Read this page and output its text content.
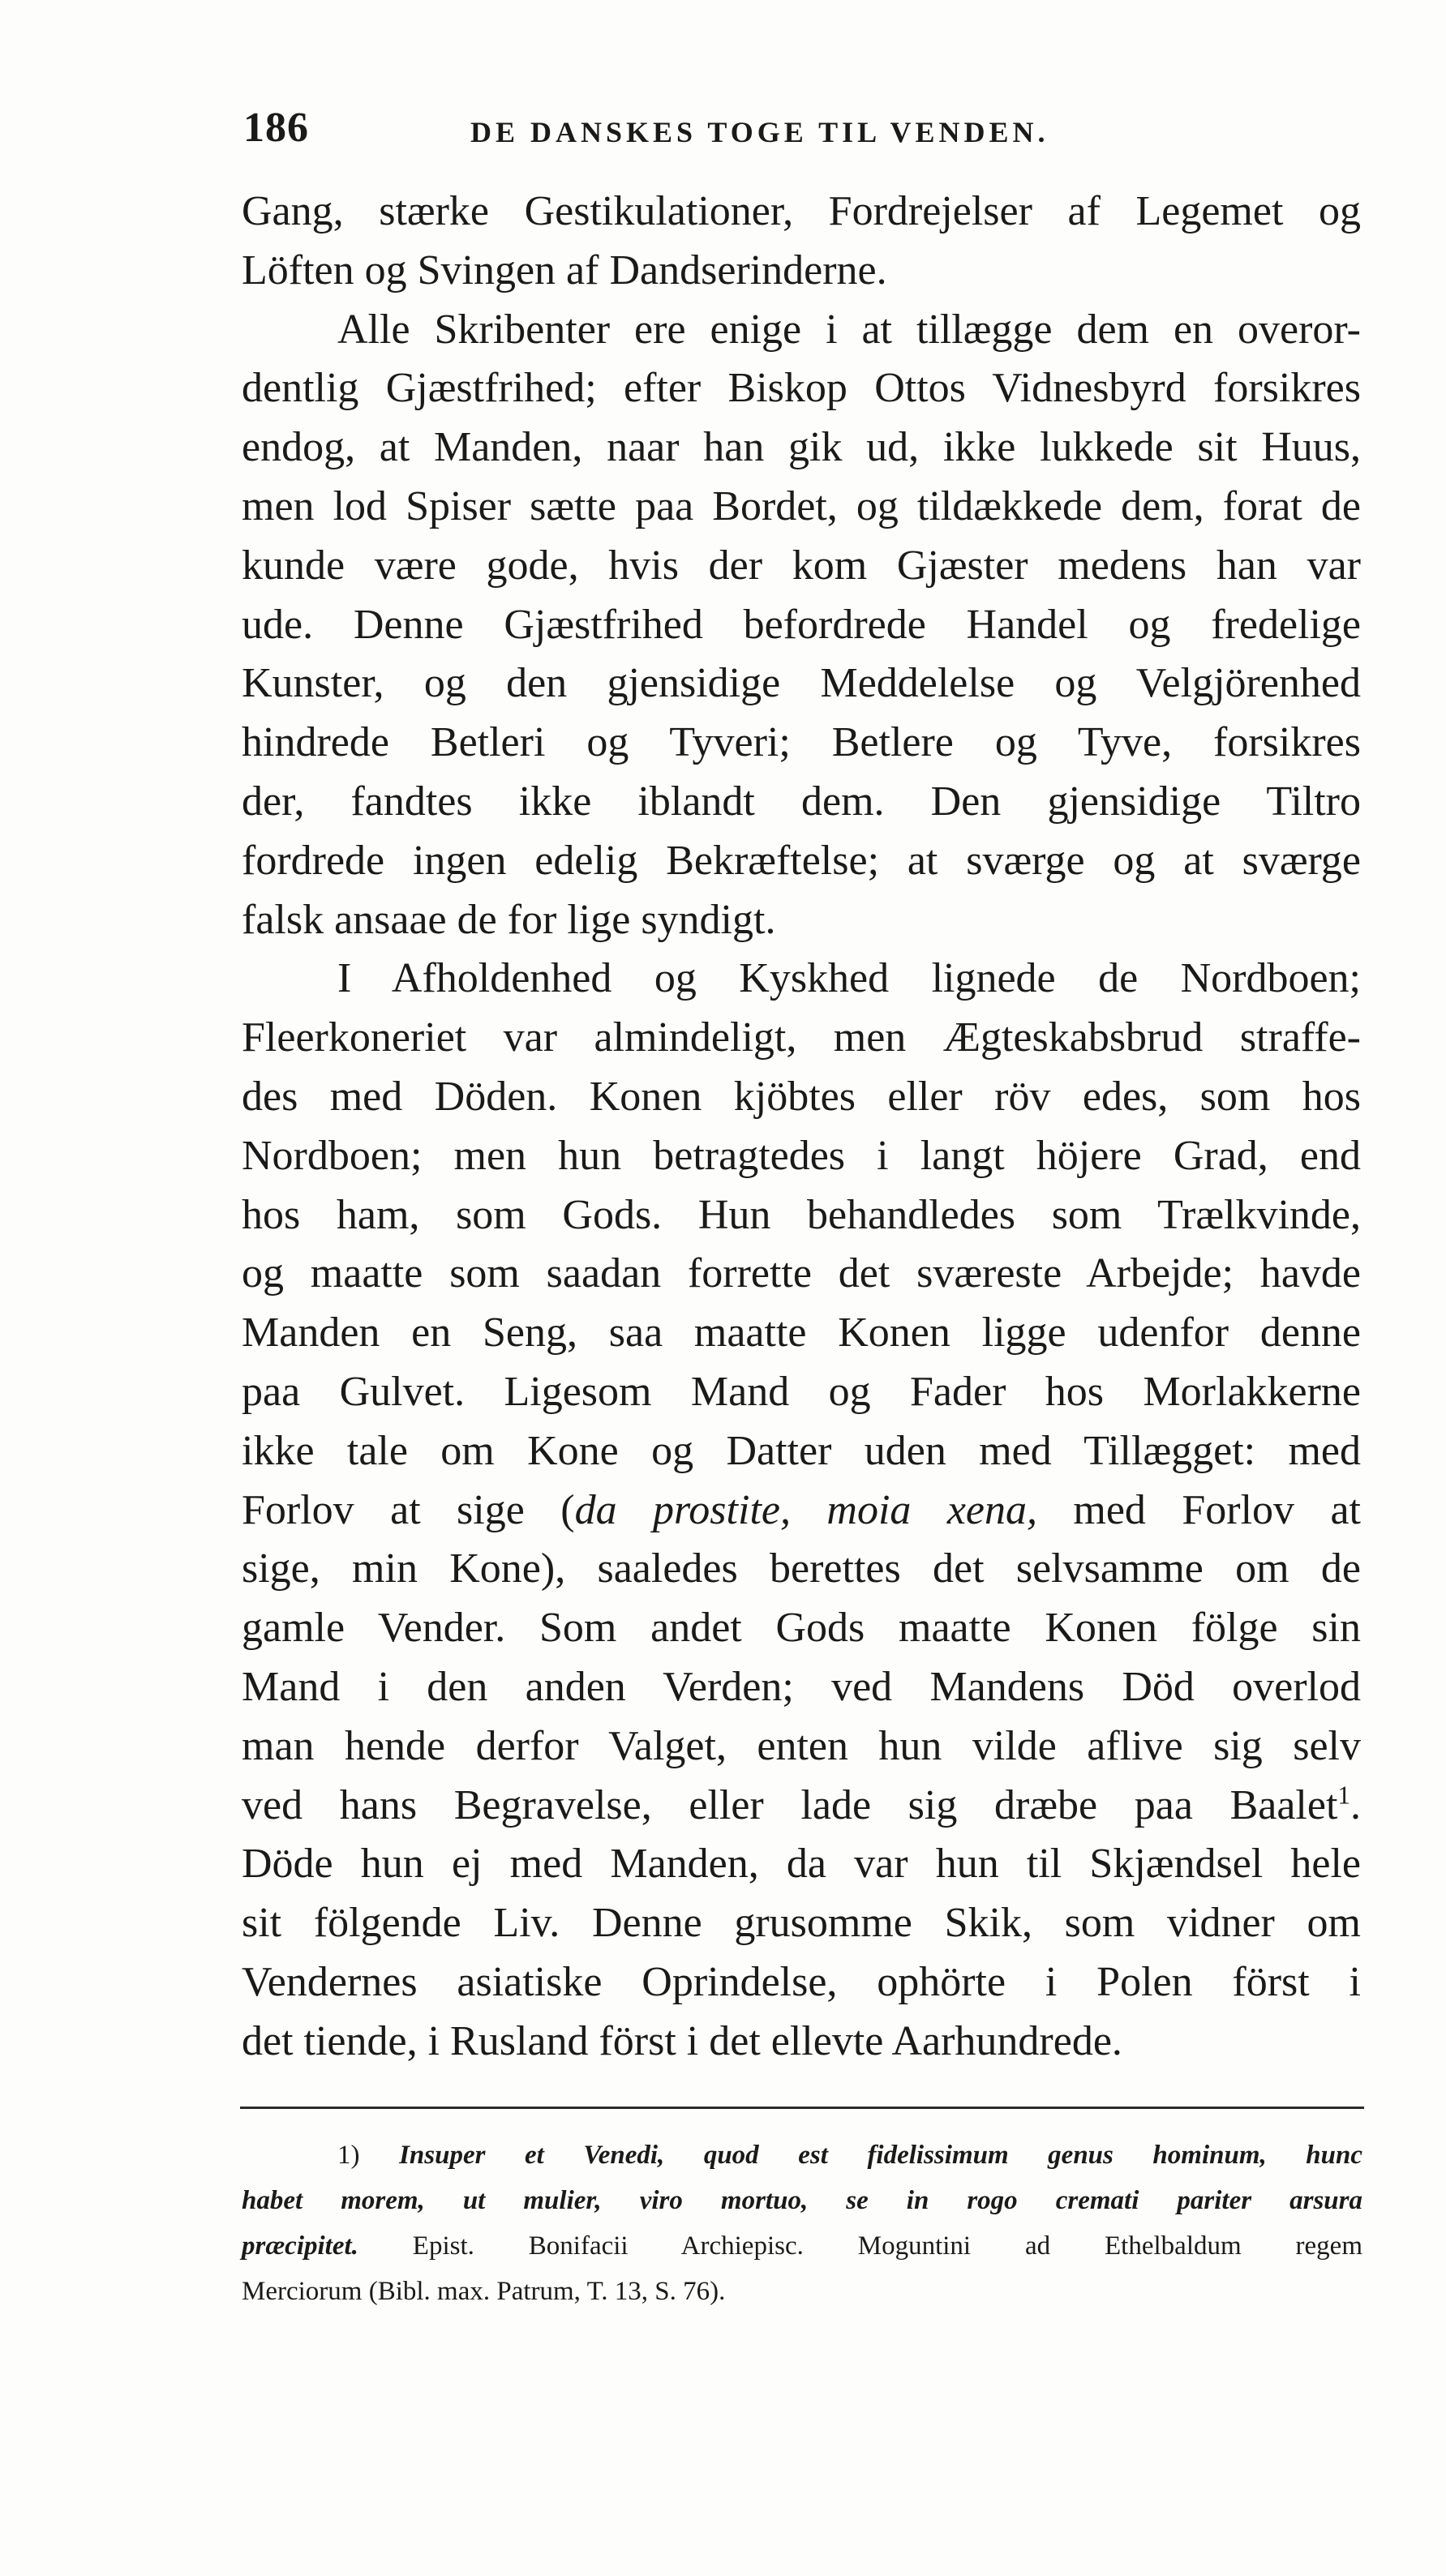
186	DE DANSKES TOGE TIL VENDEN.
Gang, stærke Gestikulationer, Fordrejelser af Legemet og
Löften og Svingen af Dandserinderne.
Alle Skribenter ere enige i at tillægge dem en overor-
dentlig Gjæstfrihed; efter Biskop Ottos Vidnesbyrd forsikres
endog, at Manden, naar han gik ud, ikke lukkede sit Huus,
men lod Spiser sætte paa Bordet, og tildækkede dem, forat de
kunde være gode, hvis der kom Gjæster medens han var
ude. Denne Gjæstfrihed befordrede Handel og fredelige
Kunster, og den gjensidige Meddelelse og Velgjörenhed
hindrede Betleri og Tyveri; Betlere og Tyve, forsikres
der, fandtes ikke iblandt dem. Den gjensidige Tiltro
fordrede ingen edelig Bekræftelse; at sværge og at sværge
falsk ansaae de for lige syndigt.
I Afholdenhed og Kyskhed lignede de Nordboen;
Fleerkoneriet var almindeligt, men Ægteskabsbrud straffe-
des med Döden. Konen kjöbtes eller röv edes, som hos
Nordboen; men hun betragtedes i langt höjere Grad, end
hos ham, som Gods. Hun behandledes som Trælkvinde,
og maatte som saadan forrette det sværeste Arbejde; havde
Manden en Seng, saa maatte Konen ligge udenfor denne
paa Gulvet. Ligesom Mand og Fader hos Morlakkerne
ikke tale om Kone og Datter uden med Tillægget: med
Forlov at sige (da prostite, moia xena, med Forlov at
sige, min Kone), saaledes berettes det selvsamme om de
gamle Vender. Som andet Gods maatte Konen fölge sin
Mand i den anden Verden; ved Mandens Död overlod
man hende derfor Valget, enten hun vilde aflive sig selv
ved hans Begravelse, eller lade sig dræbe paa Baalet$^1$.
Döde hun ej med Manden, da var hun til Skjændsel hele
sit fölgende Liv. Denne grusomme Skik, som vidner om
Vendernes asiatiske Oprindelse, ophörte i Polen först i
det tiende, i Rusland först i det ellevte Aarhundrede.
1) Insuper et Venedi, quod est fidelissimum genus hominum, hunc
habet morem, ut mulier, viro mortuo, se in rogo cremati pariter arsura
præcipitet. Epist. Bonifacii Archiepisc. Moguntini ad Ethelbaldum regem
Merciorum (Bibl. max. Patrum, T. 13, S. 76).
